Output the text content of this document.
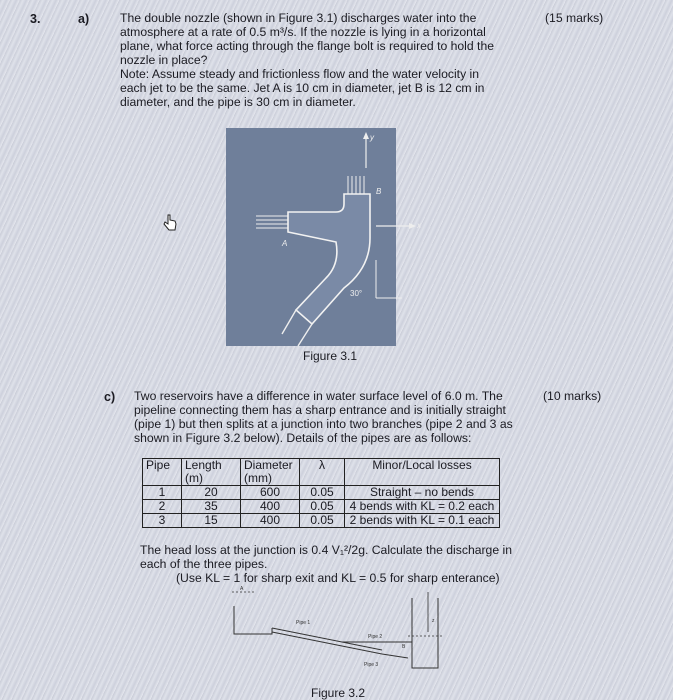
3.	a)	The double nozzle (shown in Figure 3.1) discharges water into the
atmosphere at a rate of 0.5 m³/s. If the nozzle is lying in a horizontal
plane, what force acting through the flange bolt is required to hold the
nozzle in place?
Note: Assume steady and frictionless flow and the water velocity in
each jet to be the same. Jet A is 10 cm in diameter, jet B is 12 cm in
diameter, and the pipe is 30 cm in diameter.
(15 marks)
y
x
B
A
30°
Figure 3.1
c) Two reservoirs have a difference in water surface level of 6.0 m. The
pipeline connecting them has a sharp entrance and is initially straight
(pipe 1) but then splits at a junction into two branches (pipe 2 and 3 as
shown in Figure 3.2 below). Details of the pipes are as follows:
(10 marks)
Pipe	Length (m)	Diameter (mm)	λ	Minor/Local losses
1	20	600	0.05	Straight – no bends
2	35	400	0.05	4 bends with KL = 0.2 each
3	15	400	0.05	2 bends with KL = 0.1 each
The head loss at the junction is 0.4 V₁²/2g. Calculate the discharge in
each of the three pipes.
(Use KL = 1 for sharp exit and KL = 0.5 for sharp enterance)
A
Pipe 1
Pipe 2
Pipe 3
B
z
Figure 3.2
